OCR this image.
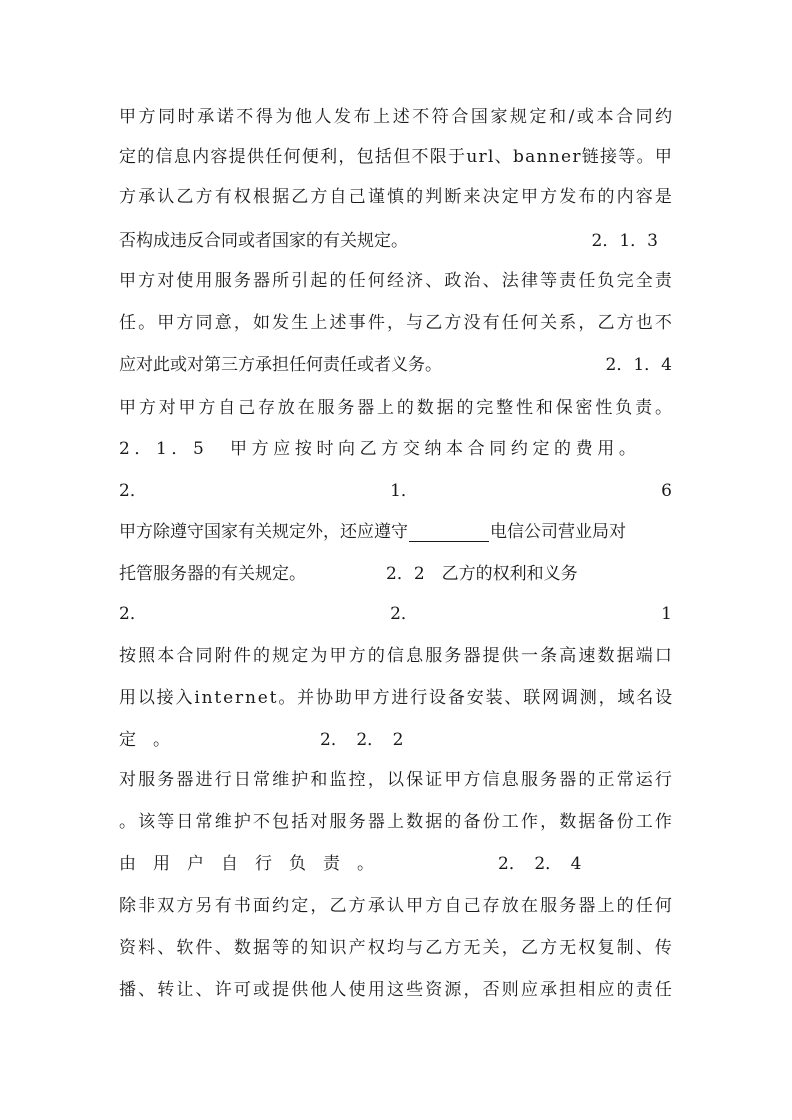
甲方同时承诺不得为他人发布上述不符合国家规定和/或本合同约
定的信息内容提供任何便利，包括但不限于url、banner链接等。甲
方承认乙方有权根据乙方自己谨慎的判断来决定甲方发布的内容是
否构成违反合同或者国家的有关规定。	2．1．3
甲方对使用服务器所引起的任何经济、政治、法律等责任负完全责
任。甲方同意，如发生上述事件，与乙方没有任何关系，乙方也不
应对此或对第三方承担任何责任或者义务。	2．1．4
甲方对甲方自己存放在服务器上的数据的完整性和保密性负责。
2．1．5　甲方应按时向乙方交纳本合同约定的费用。
2．	1．	6
甲方除遵守国家有关规定外，还应遵守	电信公司营业局对
托管服务器的有关规定。	2．2　乙方的权利和义务
2．	2．	1
按照本合同附件的规定为甲方的信息服务器提供一条高速数据端口
用以接入internet。并协助甲方进行设备安装、联网调测，域名设
定　。	2．　2．　2
对服务器进行日常维护和监控，以保证甲方信息服务器的正常运行
。该等日常维护不包括对服务器上数据的备份工作，数据备份工作
由　用　户　自　行　负　责　。	2．　2．　4
除非双方另有书面约定，乙方承认甲方自己存放在服务器上的任何
资料、软件、数据等的知识产权均与乙方无关，乙方无权复制、传
播、转让、许可或提供他人使用这些资源，否则应承担相应的责任
